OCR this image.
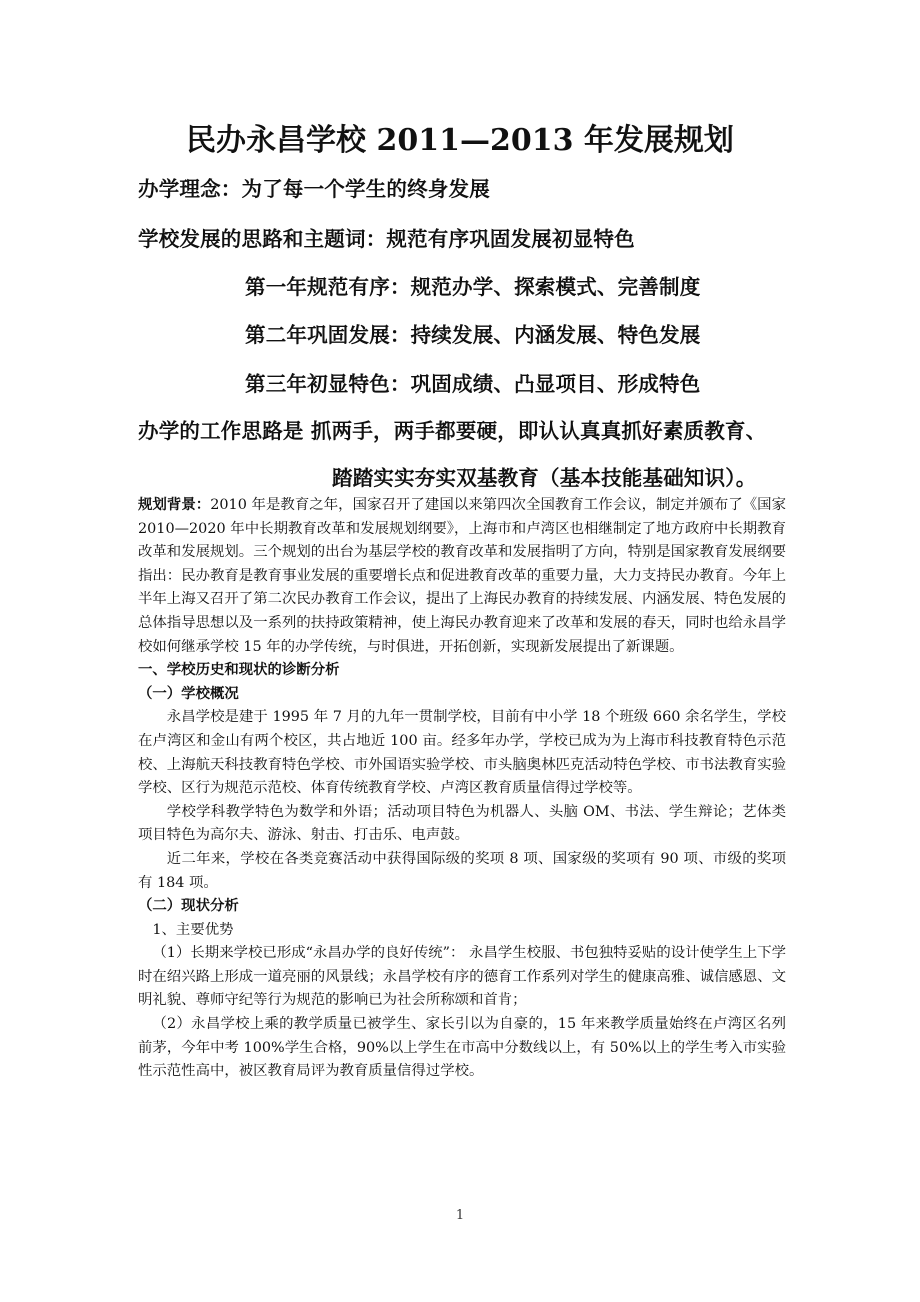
民办永昌学校 2011—2013 年发展规划
办学理念：为了每一个学生的终身发展
学校发展的思路和主题词：规范有序巩固发展初显特色
第一年规范有序：规范办学、探索模式、完善制度
第二年巩固发展：持续发展、内涵发展、特色发展
第三年初显特色：巩固成绩、凸显项目、形成特色
办学的工作思路是 抓两手，两手都要硬，即认认真真抓好素质教育、
踏踏实实夯实双基教育（基本技能基础知识）。

规划背景：2010 年是教育之年，国家召开了建国以来第四次全国教育工作会议，制定并颁布了《国家 2010—2020 年中长期教育改革和发展规划纲要》，上海市和卢湾区也相继制定了地方政府中长期教育改革和发展规划。三个规划的出台为基层学校的教育改革和发展指明了方向，特别是国家教育发展纲要指出：民办教育是教育事业发展的重要增长点和促进教育改革的重要力量，大力支持民办教育。今年上半年上海又召开了第二次民办教育工作会议，提出了上海民办教育的持续发展、内涵发展、特色发展的总体指导思想以及一系列的扶持政策精神，使上海民办教育迎来了改革和发展的春天，同时也给永昌学校如何继承学校 15 年的办学传统，与时俱进，开拓创新，实现新发展提出了新课题。

一、学校历史和现状的诊断分析

（一）学校概况

永昌学校是建于 1995 年 7 月的九年一贯制学校，目前有中小学 18 个班级 660 余名学生，学校在卢湾区和金山有两个校区，共占地近 100 亩。经多年办学，学校已成为为上海市科技教育特色示范校、上海航天科技教育特色学校、市外国语实验学校、市头脑奥林匹克活动特色学校、市书法教育实验学校、区行为规范示范校、体育传统教育学校、卢湾区教育质量信得过学校等。

学校学科教学特色为数学和外语；活动项目特色为机器人、头脑 OM、书法、学生辩论；艺体类项目特色为高尔夫、游泳、射击、打击乐、电声鼓。

近二年来，学校在各类竞赛活动中获得国际级的奖项 8 项、国家级的奖项有 90 项、市级的奖项有 184 项。

（二）现状分析

1、主要优势

（1）长期来学校已形成“永昌办学的良好传统”： 永昌学生校服、书包独特妥贴的设计使学生上下学时在绍兴路上形成一道亮丽的风景线；永昌学校有序的德育工作系列对学生的健康高雅、诚信感恩、文明礼貌、尊师守纪等行为规范的影响已为社会所称颂和首肯；

（2）永昌学校上乘的教学质量已被学生、家长引以为自豪的，15 年来教学质量始终在卢湾区名列前茅，今年中考 100%学生合格，90%以上学生在市高中分数线以上，有 50%以上的学生考入市实验性示范性高中，被区教育局评为教育质量信得过学校。

1
